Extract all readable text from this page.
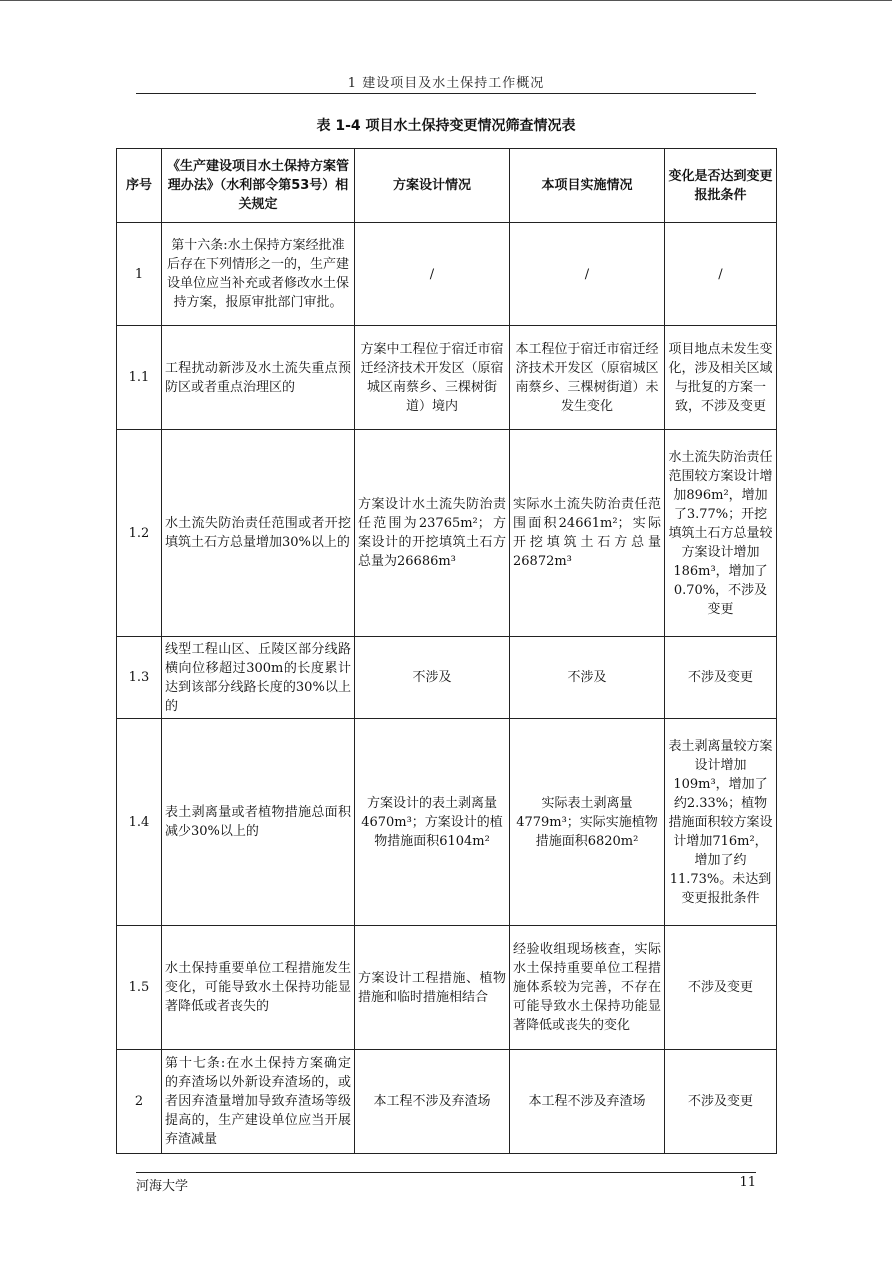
1 建设项目及水土保持工作概况
表 1-4 项目水土保持变更情况筛查情况表
序号	《生产建设项目水土保持方案管理办法》（水利部令第53号）相关规定	方案设计情况	本项目实施情况	变化是否达到变更报批条件
1	第十六条:水土保持方案经批准后存在下列情形之一的，生产建设单位应当补充或者修改水土保持方案，报原审批部门审批。	/	/	/
1.1	工程扰动新涉及水土流失重点预防区或者重点治理区的	方案中工程位于宿迁市宿迁经济技术开发区（原宿城区南蔡乡、三棵树街道）境内	本工程位于宿迁市宿迁经济技术开发区（原宿城区南蔡乡、三棵树街道）未发生变化	项目地点未发生变化，涉及相关区域与批复的方案一致，不涉及变更
1.2	水土流失防治责任范围或者开挖填筑土石方总量增加30%以上的	方案设计水土流失防治责任范围为23765m²；方案设计的开挖填筑土石方总量为26686m³	实际水土流失防治责任范围面积24661m²；实际开挖填筑土石方总量26872m³	水土流失防治责任范围较方案设计增加896m²，增加了3.77%；开挖填筑土石方总量较方案设计增加186m³，增加了0.70%，不涉及变更
1.3	线型工程山区、丘陵区部分线路横向位移超过300m的长度累计达到该部分线路长度的30%以上的	不涉及	不涉及	不涉及变更
1.4	表土剥离量或者植物措施总面积减少30%以上的	方案设计的表土剥离量4670m³；方案设计的植物措施面积6104m²	实际表土剥离量4779m³；实际实施植物措施面积6820m²	表土剥离量较方案设计增加109m³，增加了约2.33%；植物措施面积较方案设计增加716m²，增加了约11.73%。未达到变更报批条件
1.5	水土保持重要单位工程措施发生变化，可能导致水土保持功能显著降低或者丧失的	方案设计工程措施、植物措施和临时措施相结合	经验收组现场核查，实际水土保持重要单位工程措施体系较为完善，不存在可能导致水土保持功能显著降低或丧失的变化	不涉及变更
2	第十七条:在水土保持方案确定的弃渣场以外新设弃渣场的，或者因弃渣量增加导致弃渣场等级提高的，生产建设单位应当开展弃渣减量	本工程不涉及弃渣场	本工程不涉及弃渣场	不涉及变更
河海大学	11
